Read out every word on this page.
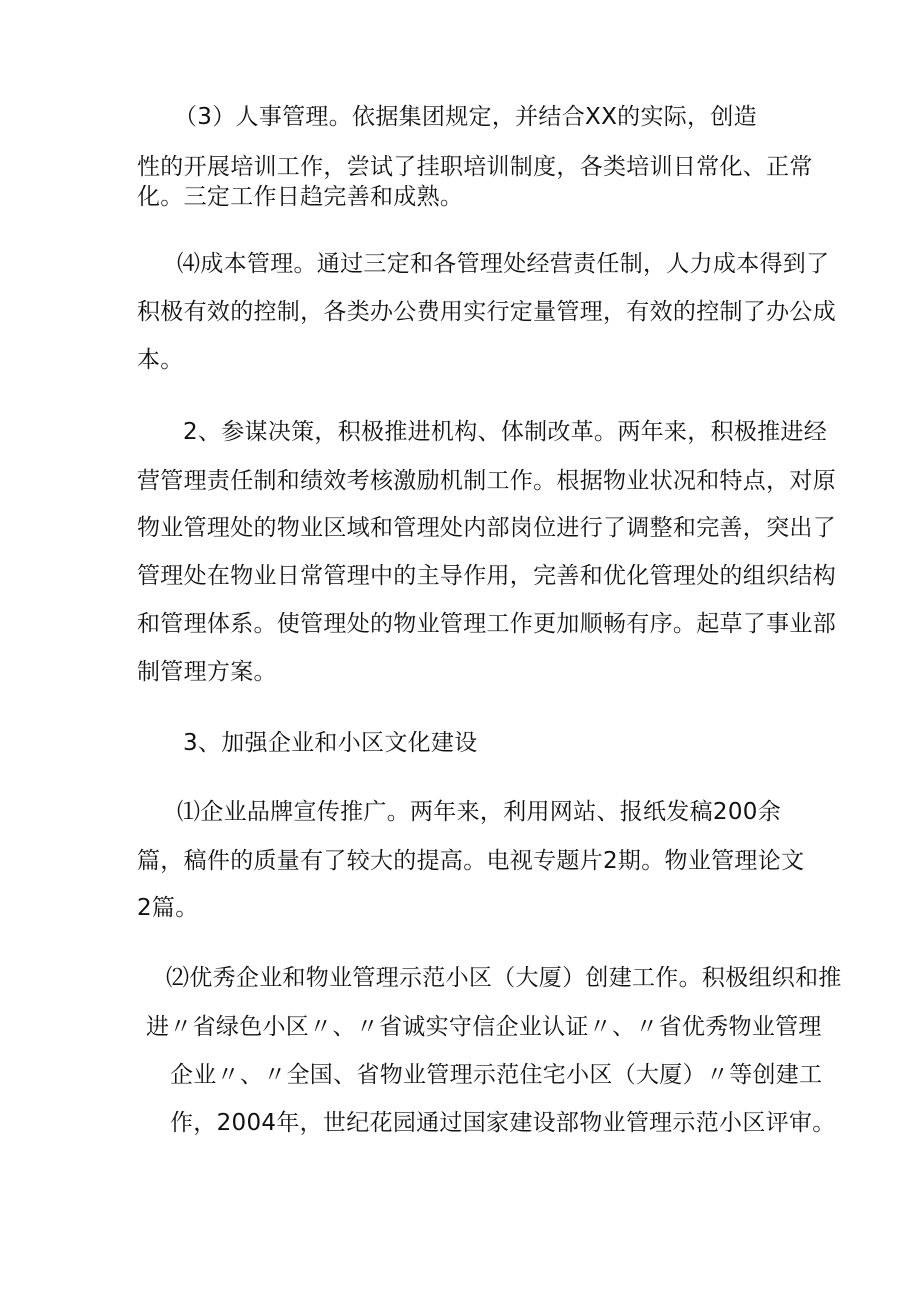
（3）人事管理。依据集团规定，并结合XX的实际，创造
性的开展培训工作，尝试了挂职培训制度，各类培训日常化、正常
化。三定工作日趋完善和成熟。
⑷成本管理。通过三定和各管理处经营责任制，人力成本得到了
积极有效的控制，各类办公费用实行定量管理，有效的控制了办公成
本。
2、参谋决策，积极推进机构、体制改革。两年来，积极推进经
营管理责任制和绩效考核激励机制工作。根据物业状况和特点，对原
物业管理处的物业区域和管理处内部岗位进行了调整和完善，突出了
管理处在物业日常管理中的主导作用，完善和优化管理处的组织结构
和管理体系。使管理处的物业管理工作更加顺畅有序。起草了事业部
制管理方案。
3、加强企业和小区文化建设
⑴企业品牌宣传推广。两年来，利用网站、报纸发稿200余
篇，稿件的质量有了较大的提高。电视专题片2期。物业管理论文
2篇。
⑵优秀企业和物业管理示范小区（大厦）创建工作。积极组织和推
进〃省绿色小区〃、〃省诚实守信企业认证〃、〃省优秀物业管理
企业〃、〃全国、省物业管理示范住宅小区（大厦）〃等创建工
作，2004年，世纪花园通过国家建设部物业管理示范小区评审。
